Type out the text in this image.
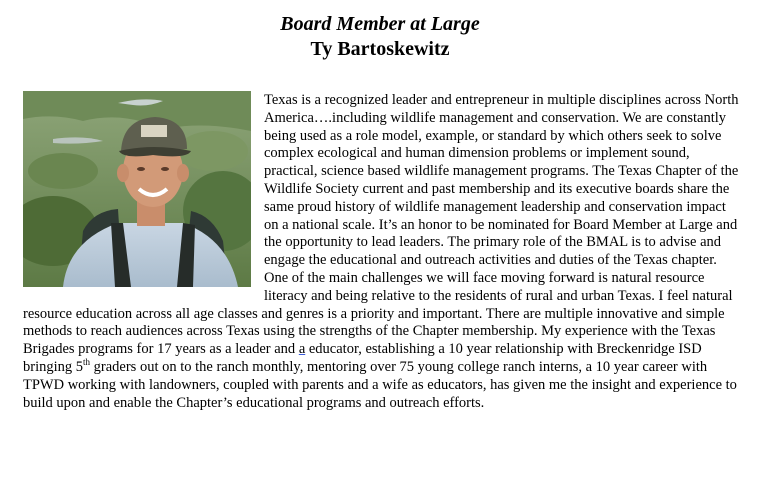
Board Member at Large
Ty Bartoskewitz

Texas is a recognized leader and entrepreneur in multiple disciplines across North America….including wildlife management and conservation. We are constantly being used as a role model, example, or standard by which others seek to solve complex ecological and human dimension problems or implement sound, practical, science based wildlife management programs. The Texas Chapter of the Wildlife Society current and past membership and its executive boards share the same proud history of wildlife management leadership and conservation impact on a national scale. It’s an honor to be nominated for Board Member at Large and the opportunity to lead leaders. The primary role of the BMAL is to advise and engage the educational and outreach activities and duties of the Texas chapter. One of the main challenges we will face moving forward is natural resource literacy and being relative to the residents of rural and urban Texas. I feel natural resource education across all age classes and genres is a priority and important. There are multiple innovative and simple methods to reach audiences across Texas using the strengths of the Chapter membership. My experience with the Texas Brigades programs for 17 years as a leader and a educator, establishing a 10 year relationship with Breckenridge ISD bringing 5th graders out on to the ranch monthly, mentoring over 75 young college ranch interns, a 10 year career with TPWD working with landowners, coupled with parents and a wife as educators, has given me the insight and experience to build upon and enable the Chapter’s educational programs and outreach efforts.
